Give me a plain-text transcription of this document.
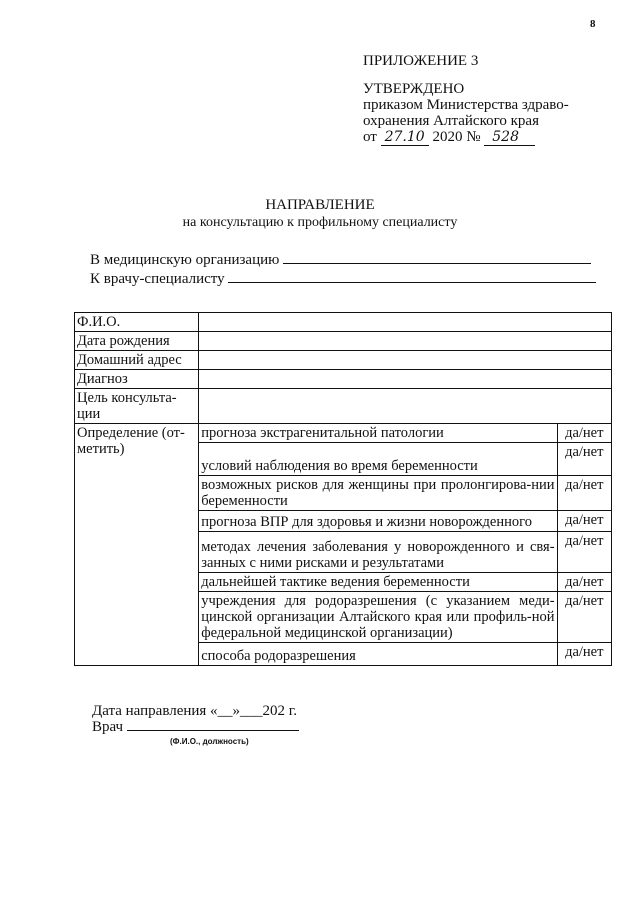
8
ПРИЛОЖЕНИЕ 3
УТВЕРЖДЕНО
приказом Министерства здраво-
охранения Алтайского края
от 27.10 2020 № 528
НАПРАВЛЕНИЕ
на консультацию к профильному специалисту
В медицинскую организацию
К врачу-специалисту
Ф.И.О.		
Дата рождения		
Домашний адрес		
Диагноз		
Цель консульта-ции		
Определение (от-метить)	прогноза экстрагенитальной патологии	да/нет
	условий наблюдения во время беременности	да/нет
	возможных рисков для женщины при пролонгирова-нии беременности	да/нет
	прогноза ВПР для здоровья и жизни новорожденного	да/нет
	методах лечения заболевания у новорожденного и свя-занных с ними рисками и результатами	да/нет
	дальнейшей тактике ведения беременности	да/нет
	учреждения для родоразрешения (с указанием меди-цинской организации Алтайского края или профиль-ной федеральной медицинской организации)	да/нет
	способа родоразрешения	да/нет
Дата направления «__»___202 г.
Врач
(Ф.И.О., должность)
